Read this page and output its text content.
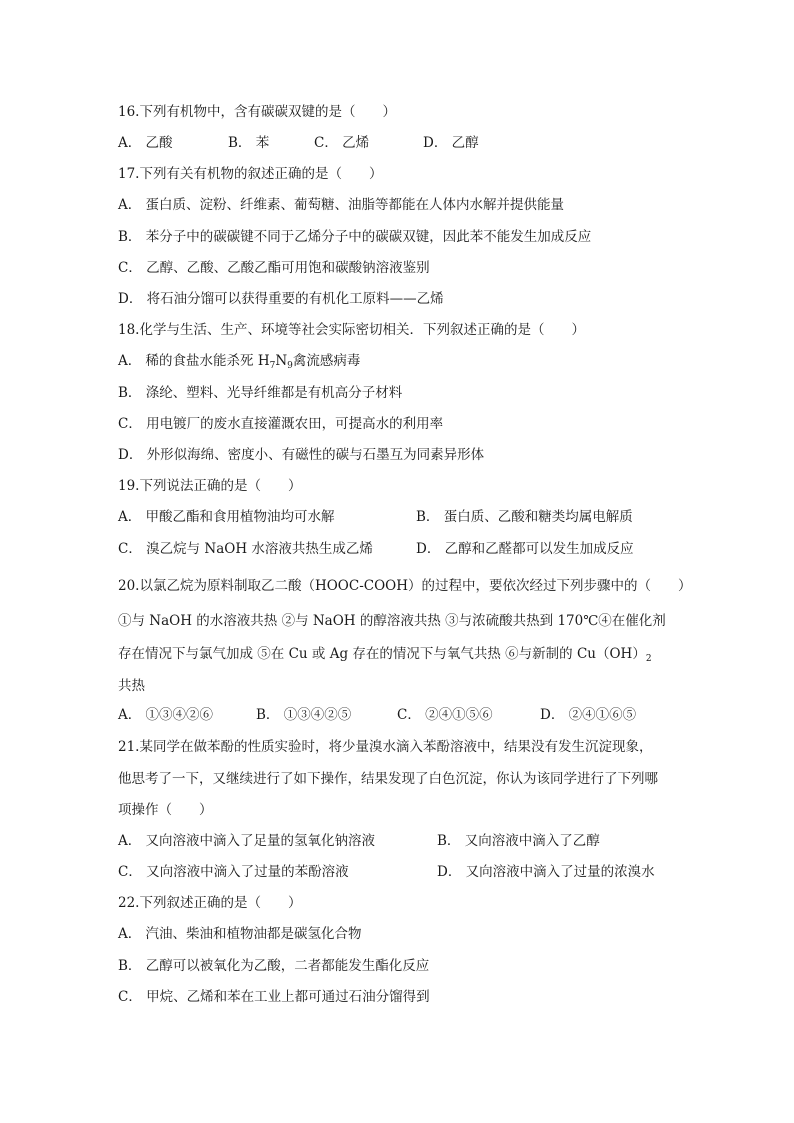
16.下列有机物中，含有碳碳双键的是（　　）
A． 乙酸	B． 苯	C． 乙烯	D． 乙醇
17.下列有关有机物的叙述正确的是（　　）
A． 蛋白质、淀粉、纤维素、葡萄糖、油脂等都能在人体内水解并提供能量
B． 苯分子中的碳碳键不同于乙烯分子中的碳碳双键，因此苯不能发生加成反应
C． 乙醇、乙酸、乙酸乙酯可用饱和碳酸钠溶液鉴别
D． 将石油分馏可以获得重要的有机化工原料——乙烯
18.化学与生活、生产、环境等社会实际密切相关．下列叙述正确的是（　　）
A． 稀的食盐水能杀死 $H_7N_9$禽流感病毒
B． 涤纶、塑料、光导纤维都是有机高分子材料
C． 用电镀厂的废水直接灌溉农田，可提高水的利用率
D． 外形似海绵、密度小、有磁性的碳与石墨互为同素异形体
19.下列说法正确的是（　　）
A． 甲酸乙酯和食用植物油均可水解	B． 蛋白质、乙酸和糖类均属电解质
C． 溴乙烷与 NaOH 水溶液共热生成乙烯	D． 乙醇和乙醛都可以发生加成反应
20.以氯乙烷为原料制取乙二酸（HOOC-COOH）的过程中，要依次经过下列步骤中的（　　）
①与 NaOH 的水溶液共热 ②与 NaOH 的醇溶液共热 ③与浓硫酸共热到 170℃④在催化剂
存在情况下与氯气加成 ⑤在 Cu 或 Ag 存在的情况下与氧气共热 ⑥与新制的 $Cu(OH)_2$
共热
A． ①③④②⑥	B． ①③④②⑤	C． ②④①⑤⑥	D． ②④①⑥⑤
21.某同学在做苯酚的性质实验时，将少量溴水滴入苯酚溶液中，结果没有发生沉淀现象，
他思考了一下，又继续进行了如下操作，结果发现了白色沉淀，你认为该同学进行了下列哪
项操作（　　）
A． 又向溶液中滴入了足量的氢氧化钠溶液	B． 又向溶液中滴入了乙醇
C． 又向溶液中滴入了过量的苯酚溶液	D． 又向溶液中滴入了过量的浓溴水
22.下列叙述正确的是（　　）
A． 汽油、柴油和植物油都是碳氢化合物
B． 乙醇可以被氧化为乙酸，二者都能发生酯化反应
C． 甲烷、乙烯和苯在工业上都可通过石油分馏得到
